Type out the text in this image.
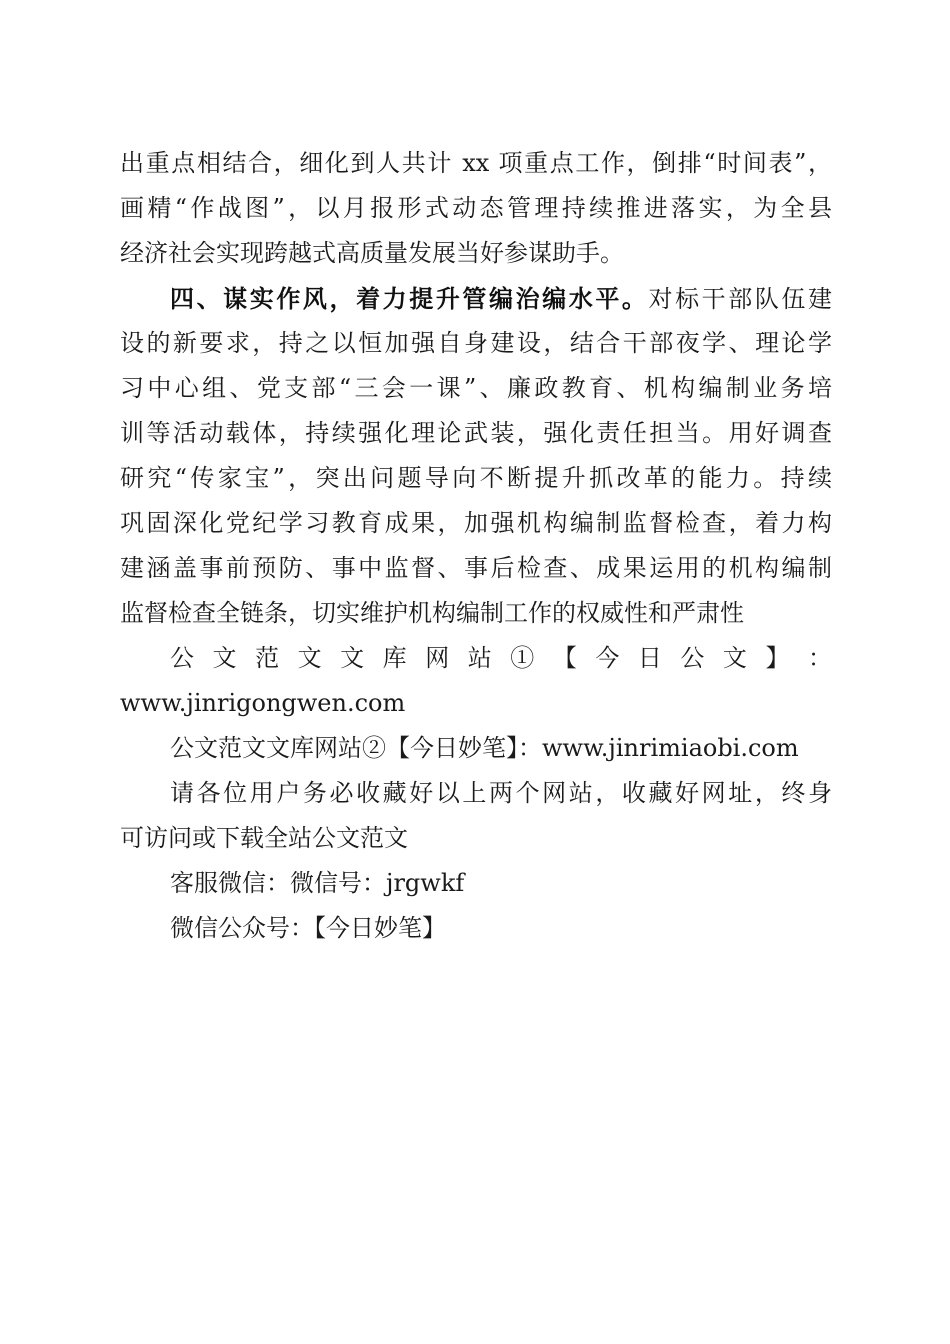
出重点相结合，细化到人共计 xx 项重点工作，倒排“时间表”，
画精“作战图”，以月报形式动态管理持续推进落实，为全县
经济社会实现跨越式高质量发展当好参谋助手。
四、谋实作风，着力提升管编治编水平。对标干部队伍建
设的新要求，持之以恒加强自身建设，结合干部夜学、理论学
习中心组、党支部“三会一课”、廉政教育、机构编制业务培
训等活动载体，持续强化理论武装，强化责任担当。用好调查
研究“传家宝”，突出问题导向不断提升抓改革的能力。持续
巩固深化党纪学习教育成果，加强机构编制监督检查，着力构
建涵盖事前预防、事中监督、事后检查、成果运用的机构编制
监督检查全链条，切实维护机构编制工作的权威性和严肃性
公 文 范 文 文 库 网 站 ① 【 今 日 公 文 】 ：
www.jinrigongwen.com
公文范文文库网站②【今日妙笔】：www.jinrimiaobi.com
请各位用户务必收藏好以上两个网站，收藏好网址，终身
可访问或下载全站公文范文
客服微信：微信号：jrgwkf
微信公众号：【今日妙笔】
